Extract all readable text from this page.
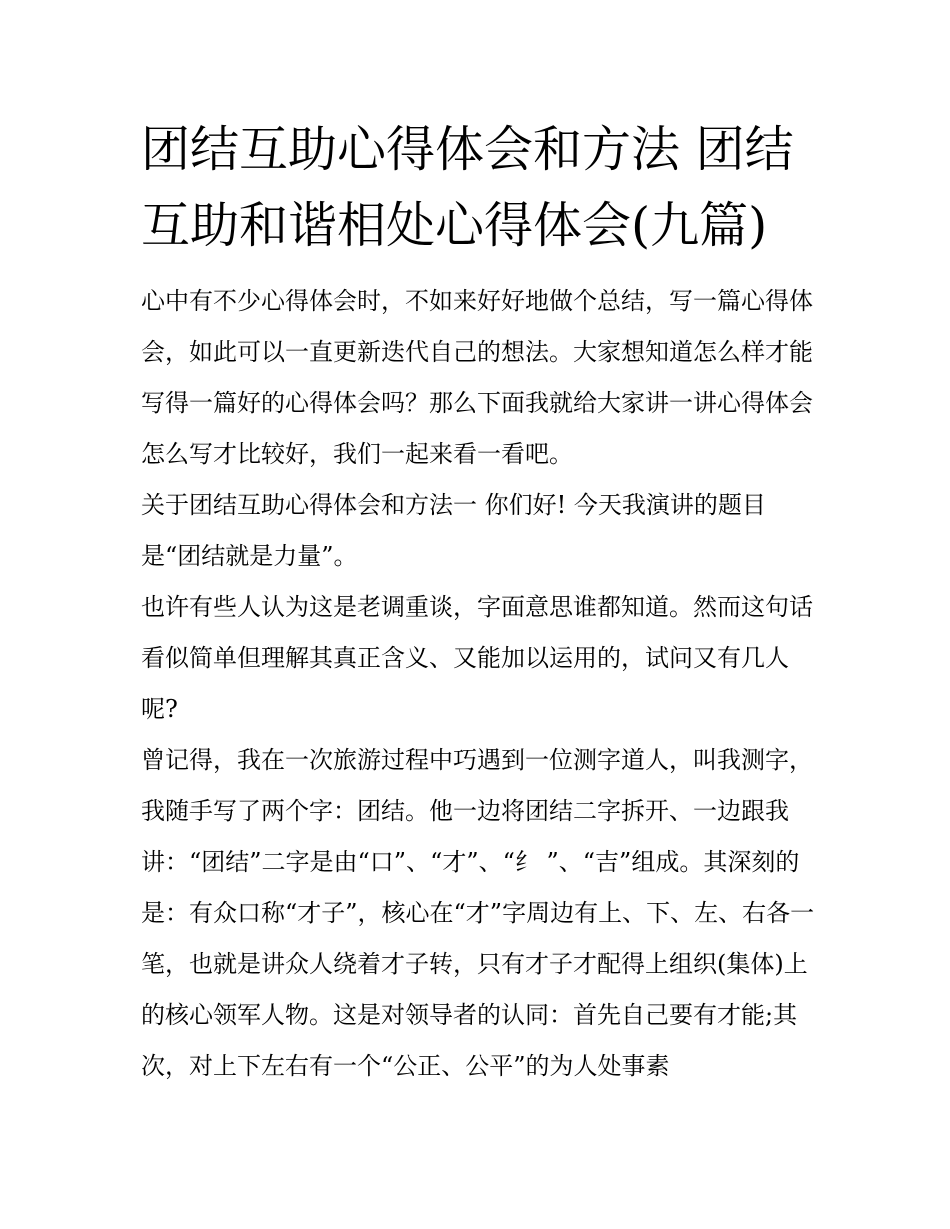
团结互助心得体会和方法 团结互助和谐相处心得体会(九篇)

心中有不少心得体会时，不如来好好地做个总结，写一篇心得体会，如此可以一直更新迭代自己的想法。大家想知道怎么样才能写得一篇好的心得体会吗？那么下面我就给大家讲一讲心得体会怎么写才比较好，我们一起来看一看吧。

关于团结互助心得体会和方法一 你们好! 今天我演讲的题目是“团结就是力量”。

也许有些人认为这是老调重谈，字面意思谁都知道。然而这句话看似简单但理解其真正含义、又能加以运用的，试问又有几人呢?

曾记得，我在一次旅游过程中巧遇到一位测字道人，叫我测字，我随手写了两个字：团结。他一边将团结二字拆开、一边跟我讲：“团结”二字是由“口”、“才”、“纟 ”、“吉”组成。其深刻的是：有众口称“才子”，核心在“才”字周边有上、下、左、右各一笔，也就是讲众人绕着才子转，只有才子才配得上组织(集体)上的核心领军人物。这是对领导者的认同：首先自己要有才能;其次，对上下左右有一个“公正、公平”的为人处事素
